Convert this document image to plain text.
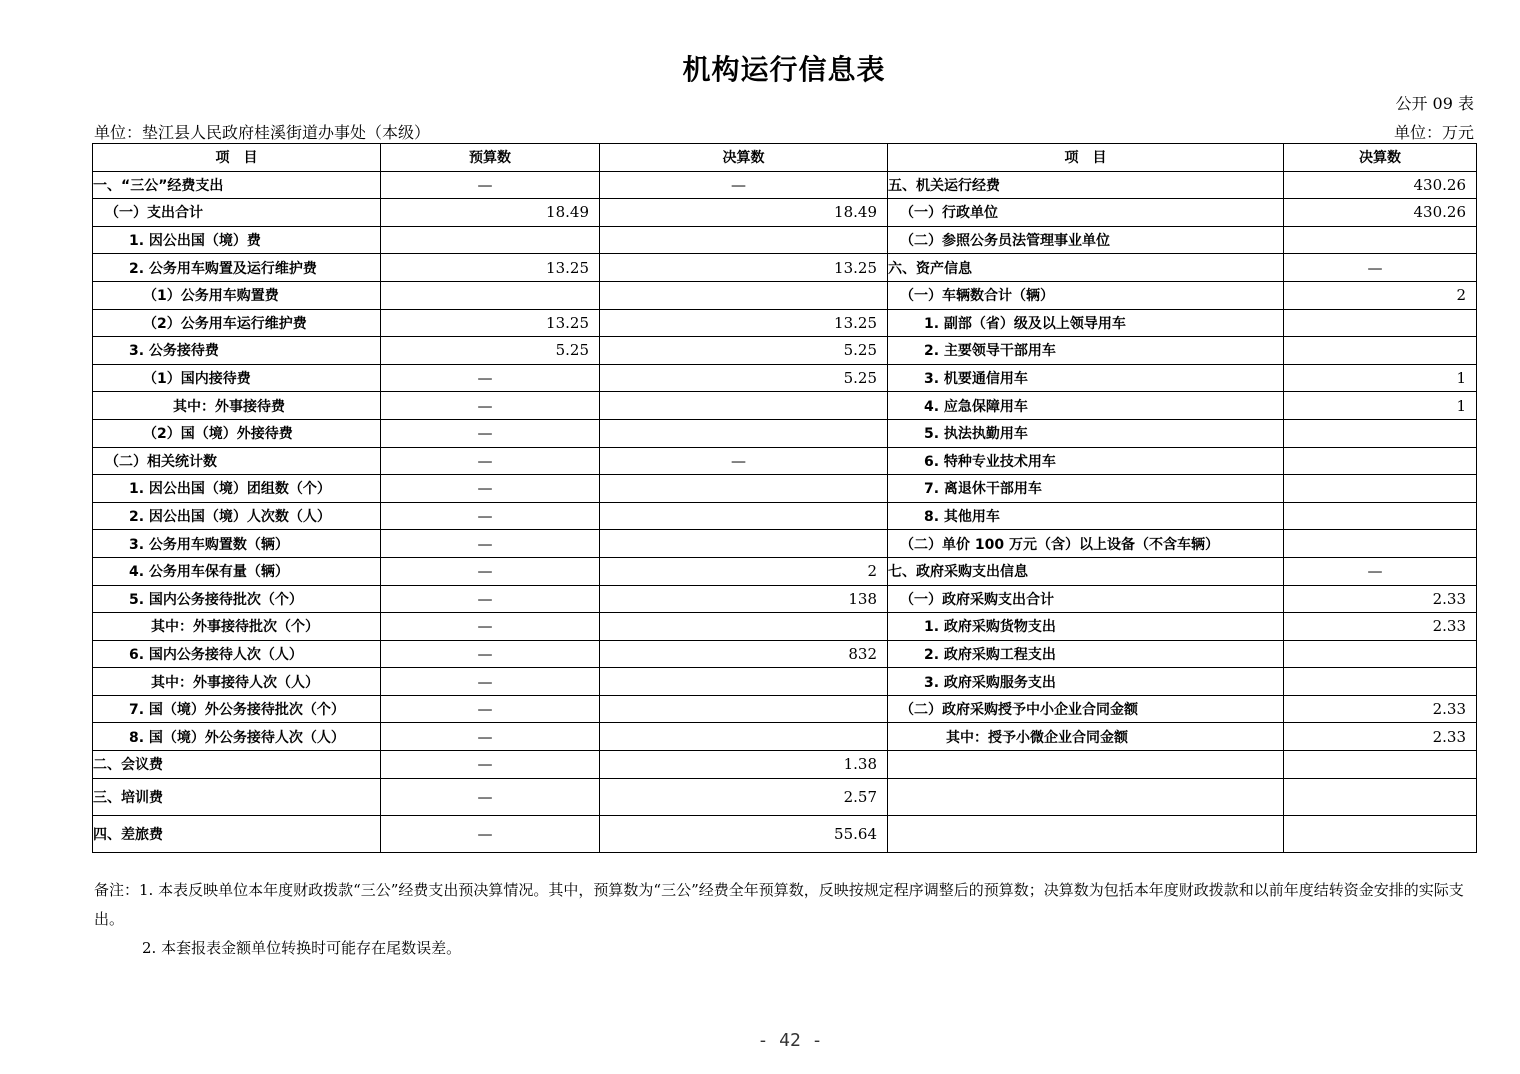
机构运行信息表
公开 09 表
单位：垫江县人民政府桂溪街道办事处（本级）	单位：万元
项　目	预算数	决算数	项　目	决算数
一、“三公”经费支出	—	—	五、机关运行经费	430.26
（一）支出合计	18.49	18.49	（一）行政单位	430.26
1. 因公出国（境）费			（二）参照公务员法管理事业单位	
2. 公务用车购置及运行维护费	13.25	13.25	六、资产信息	—
（1）公务用车购置费			（一）车辆数合计（辆）	2
（2）公务用车运行维护费	13.25	13.25	1. 副部（省）级及以上领导用车	
3. 公务接待费	5.25	5.25	2. 主要领导干部用车	
（1）国内接待费	—	5.25	3. 机要通信用车	1
其中：外事接待费	—		4. 应急保障用车	1
（2）国（境）外接待费	—		5. 执法执勤用车	
（二）相关统计数	—	—	6. 特种专业技术用车	
1. 因公出国（境）团组数（个）	—		7. 离退休干部用车	
2. 因公出国（境）人次数（人）	—		8. 其他用车	
3. 公务用车购置数（辆）	—		（二）单价 100 万元（含）以上设备（不含车辆）	
4. 公务用车保有量（辆）	—	2	七、政府采购支出信息	—
5. 国内公务接待批次（个）	—	138	（一）政府采购支出合计	2.33
其中：外事接待批次（个）	—		1. 政府采购货物支出	2.33
6. 国内公务接待人次（人）	—	832	2. 政府采购工程支出	
其中：外事接待人次（人）	—		3. 政府采购服务支出	
7. 国（境）外公务接待批次（个）	—		（二）政府采购授予中小企业合同金额	2.33
8. 国（境）外公务接待人次（人）	—		其中：授予小微企业合同金额	2.33
二、会议费	—	1.38		
三、培训费	—	2.57		
四、差旅费	—	55.64		

备注：1. 本表反映单位本年度财政拨款“三公”经费支出预决算情况。其中，预算数为“三公”经费全年预算数，反映按规定程序调整后的预算数；决算数为包括本年度财政拨款和以前年度结转资金安排的实际支出。

2. 本套报表金额单位转换时可能存在尾数误差。

- 42 -
